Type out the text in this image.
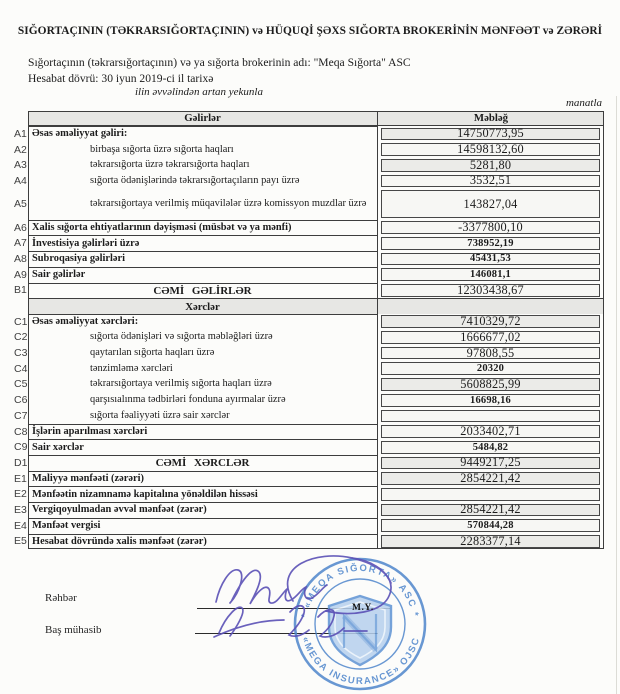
SIĞORTAÇININ (TƏKRARSIĞORTAÇININ) və HÜQUQİ ŞƏXS SIĞORTA BROKERİNİN MƏNFƏƏT və ZƏRƏRİ
Sığortaçının (təkrarsığortaçının) və ya sığorta brokerinin adı: "Meqa Sığorta" ASC
Hesabat dövrü: 30 iyun 2019-ci il tarixə
ilin əvvəlindən artan yekunla
manatla
Gəlirlər	Məbləğ
A1 Əsas əməliyyat gəliri:	14750773,95
A2	birbaşa sığorta üzrə sığorta haqları	14598132,60
A3	təkrarsığorta üzrə təkrarsığorta haqları	5281,80
A4	sığorta ödənişlərində təkrarsığortaçıların payı üzrə	3532,51
A5	təkrarsığortaya verilmiş müqavilələr üzrə komissyon muzdlar üzrə	143827,04
A6 Xalis sığorta ehtiyatlarının dəyişməsi (müsbət və ya mənfi)	-3377800,10
A7 İnvestisiya gəlirləri üzrə	738952,19
A8 Subroqasiya gəlirləri	45431,53
A9 Sair gəlirlər	146081,1
B1	CƏMİ GƏLİRLƏR	12303438,67
Xərclər
C1 Əsas əməliyyat xərcləri:	7410329,72
C2	sığorta ödənişləri və sığorta məbləğləri üzrə	1666677,02
C3	qaytarılan sığorta haqları üzrə	97808,55
C4	tənzimləmə xərcləri	20320
C5	təkrarsığortaya verilmiş sığorta haqları üzrə	5608825,99
C6	qarşısıalınma tədbirləri fonduna ayırmalar üzrə	16698,16
C7	sığorta fəaliyyəti üzrə sair xərclər
C8 İşlərin aparılması xərcləri	2033402,71
C9 Sair xərclər	5484,82
D1	CƏMİ XƏRCLƏR	9449217,25
E1 Maliyyə mənfəəti (zərəri)	2854221,42
E2 Mənfəətin nizamnamə kapitalına yönəldilən hissəsi
E3 Vergiqoyulmadan əvvəl mənfəət (zərər)	2854221,42
E4 Mənfəət vergisi	570844,28
E5 Hesabat dövründə xalis mənfəət (zərər)	2283377,14
Rəhbər
Baş mühasib
M.Y.
* «MEQA SIĞORTA» ASC *
«MEGA INSURANCE» OJSC
